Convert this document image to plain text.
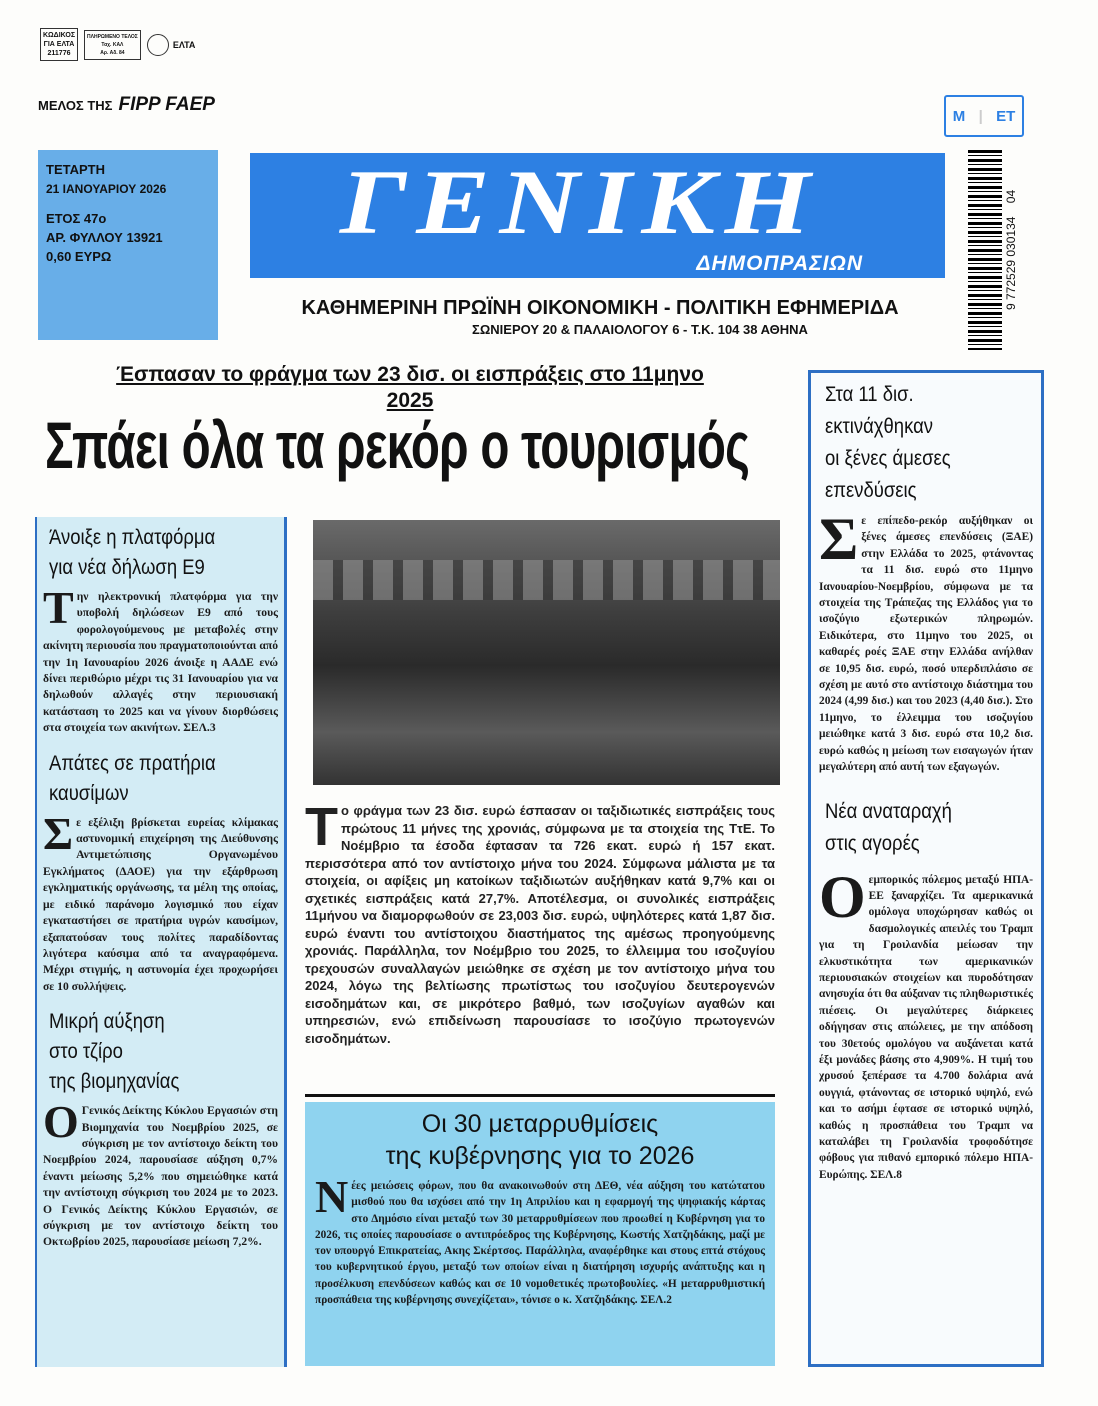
ΚΩΔΙΚΟΣ
ΓΙΑ ΕΛΤΑ
211776
ΠΛΗΡΩΜΕΝΟ ΤΕΛΟΣ
Ταχ. ΚΑΛ
Αρ. Αδ. 84
ΕΛΤΑ
ΜΕΛΟΣ ΤΗΣ FIPP FAEP
ΤΕΤΑΡΤΗ
21 ΙΑΝΟΥΑΡΙΟΥ 2026
ΕΤΟΣ 47ο
ΑΡ. ΦΥΛΛΟΥ 13921
0,60 ΕΥΡΩ
ΓΕΝΙΚΗ
ΔΗΜΟΠΡΑΣΙΩΝ
ΚΑΘΗΜΕΡΙΝΗ ΠΡΩΪΝΗ ΟΙΚΟΝΟΜΙΚΗ - ΠΟΛΙΤΙΚΗ ΕΦΗΜΕΡΙΔΑ
ΣΩΝΙΕΡΟΥ 20 & ΠΑΛΑΙΟΛΟΓΟΥ 6 - Τ.Κ. 104 38 ΑΘΗΝΑ
Μ | ΕΤ
9 772529 030134    04
Έσπασαν το φράγμα των 23 δισ. οι εισπράξεις στο 11μηνο 2025
Σπάει όλα τα ρεκόρ ο τουρισμός
Άνοιξε η πλατφόρμα
για νέα δήλωση Ε9
Την ηλεκτρονική πλατφόρμα για την υποβολή δηλώσεων Ε9 από τους φορολογούμενους με μεταβολές στην ακίνητη περιουσία που πραγματοποιούνται από την 1η Ιανουαρίου 2026 άνοιξε η ΑΑΔΕ ενώ δίνει περιθώριο μέχρι τις 31 Ιανουαρίου για να δηλωθούν αλλαγές στην περιουσιακή κατάσταση το 2025 και να γίνουν διορθώσεις στα στοιχεία των ακινήτων. ΣΕΛ.3
Απάτες σε πρατήρια
καυσίμων
Σε εξέλιξη βρίσκεται ευρείας κλίμακας αστυνομική επιχείρηση της Διεύθυνσης Αντιμετώπισης Οργανωμένου Εγκλήματος (ΔΑΟΕ) για την εξάρθρωση εγκληματικής οργάνωσης, τα μέλη της οποίας, με ειδικό παράνομο λογισμικό που είχαν εγκαταστήσει σε πρατήρια υγρών καυσίμων, εξαπατούσαν τους πολίτες παραδίδοντας λιγότερα καύσιμα από τα αναγραφόμενα. Μέχρι στιγμής, η αστυνομία έχει προχωρήσει σε 10 συλλήψεις.
Μικρή αύξηση
στο τζίρο
της βιομηχανίας
Ο Γενικός Δείκτης Κύκλου Εργασιών στη Βιομηχανία του Νοεμβρίου 2025, σε σύγκριση με τον αντίστοιχο δείκτη του Νοεμβρίου 2024, παρουσίασε αύξηση 0,7% έναντι μείωσης 5,2% που σημειώθηκε κατά την αντίστοιχη σύγκριση του 2024 με το 2023. Ο Γενικός Δείκτης Κύκλου Εργασιών, σε σύγκριση με τον αντίστοιχο δείκτη του Οκτωβρίου 2025, παρουσίασε μείωση 7,2%.
Το φράγμα των 23 δισ. ευρώ έσπασαν οι ταξιδιωτικές εισπράξεις τους πρώτους 11 μήνες της χρονιάς, σύμφωνα με τα στοιχεία της ΤτΕ. Το Νοέμβριο τα έσοδα έφτασαν τα 726 εκατ. ευρώ ή 157 εκατ. περισσότερα από τον αντίστοιχο μήνα του 2024. Σύμφωνα μάλιστα με τα στοιχεία, οι αφίξεις μη κατοίκων ταξιδιωτών αυξήθηκαν κατά 9,7% και οι σχετικές εισπράξεις κατά 27,7%. Αποτέλεσμα, οι συνολικές εισπράξεις 11μήνου να διαμορφωθούν σε 23,003 δισ. ευρώ, υψηλότερες κατά 1,87 δισ. ευρώ έναντι του αντίστοιχου διαστήματος της αμέσως προηγούμενης χρονιάς. Παράλληλα, τον Νοέμβριο του 2025, το έλλειμμα του ισοζυγίου τρεχουσών συναλλαγών μειώθηκε σε σχέση με τον αντίστοιχο μήνα του 2024, λόγω της βελτίωσης πρωτίστως του ισοζυγίου δευτερογενών εισοδημάτων και, σε μικρότερο βαθμό, των ισοζυγίων αγαθών και υπηρεσιών, ενώ επιδείνωση παρουσίασε το ισοζύγιο πρωτογενών εισοδημάτων.
Οι 30 μεταρρυθμίσεις
της κυβέρνησης για το 2026
Νέες μειώσεις φόρων, που θα ανακοινωθούν στη ΔΕΘ, νέα αύξηση του κατώτατου μισθού που θα ισχύσει από την 1η Απριλίου και η εφαρμογή της ψηφιακής κάρτας στο Δημόσιο είναι μεταξύ των 30 μεταρρυθμίσεων που προωθεί η Κυβέρνηση για το 2026, τις οποίες παρουσίασε ο αντιπρόεδρος της Κυβέρνησης, Κωστής Χατζηδάκης, μαζί με τον υπουργό Επικρατείας, Ακης Σκέρτσος. Παράλληλα, αναφέρθηκε και στους επτά στόχους του κυβερνητικού έργου, μεταξύ των οποίων είναι η διατήρηση ισχυρής ανάπτυξης και η προσέλκυση επενδύσεων καθώς και σε 10 νομοθετικές πρωτοβουλίες. «Η μεταρρυθμιστική προσπάθεια της κυβέρνησης συνεχίζεται», τόνισε ο κ. Χατζηδάκης. ΣΕΛ.2
Στα 11 δισ.
εκτινάχθηκαν
οι ξένες άμεσες
επενδύσεις
Σε επίπεδο-ρεκόρ αυξήθηκαν οι ξένες άμεσες επενδύσεις (ΞΑΕ) στην Ελλάδα το 2025, φτάνοντας τα 11 δισ. ευρώ στο 11μηνο Ιανουαρίου-Νοεμβρίου, σύμφωνα με τα στοιχεία της Τράπεζας της Ελλάδος για το ισοζύγιο εξωτερικών πληρωμών. Ειδικότερα, στο 11μηνο του 2025, οι καθαρές ροές ΞΑΕ στην Ελλάδα ανήλθαν σε 10,95 δισ. ευρώ, ποσό υπερδιπλάσιο σε σχέση με αυτό στο αντίστοιχο διάστημα του 2024 (4,99 δισ.) και του 2023 (4,40 δισ.). Στο 11μηνο, το έλλειμμα του ισοζυγίου μειώθηκε κατά 3 δισ. ευρώ στα 10,2 δισ. ευρώ καθώς η μείωση των εισαγωγών ήταν μεγαλύτερη από αυτή των εξαγωγών.
Νέα αναταραχή
στις αγορές
Οεμπορικός πόλεμος μεταξύ ΗΠΑ-ΕΕ ξαναρχίζει. Τα αμερικανικά ομόλογα υποχώρησαν καθώς οι δασμολογικές απειλές του Τραμπ για τη Γροιλανδία μείωσαν την ελκυστικότητα των αμερικανικών περιουσιακών στοιχείων και πυροδότησαν ανησυχία ότι θα αύξαναν τις πληθωριστικές πιέσεις. Οι μεγαλύτερες διάρκειες οδήγησαν στις απώλειες, με την απόδοση του 30ετούς ομολόγου να αυξάνεται κατά έξι μονάδες βάσης στο 4,909%. Η τιμή του χρυσού ξεπέρασε τα 4.700 δολάρια ανά ουγγιά, φτάνοντας σε ιστορικό υψηλό, ενώ και το ασήμι έφτασε σε ιστορικό υψηλό, καθώς η προσπάθεια του Τραμπ να καταλάβει τη Γροιλανδία τροφοδότησε φόβους για πιθανό εμπορικό πόλεμο ΗΠΑ-Ευρώπης. ΣΕΛ.8
